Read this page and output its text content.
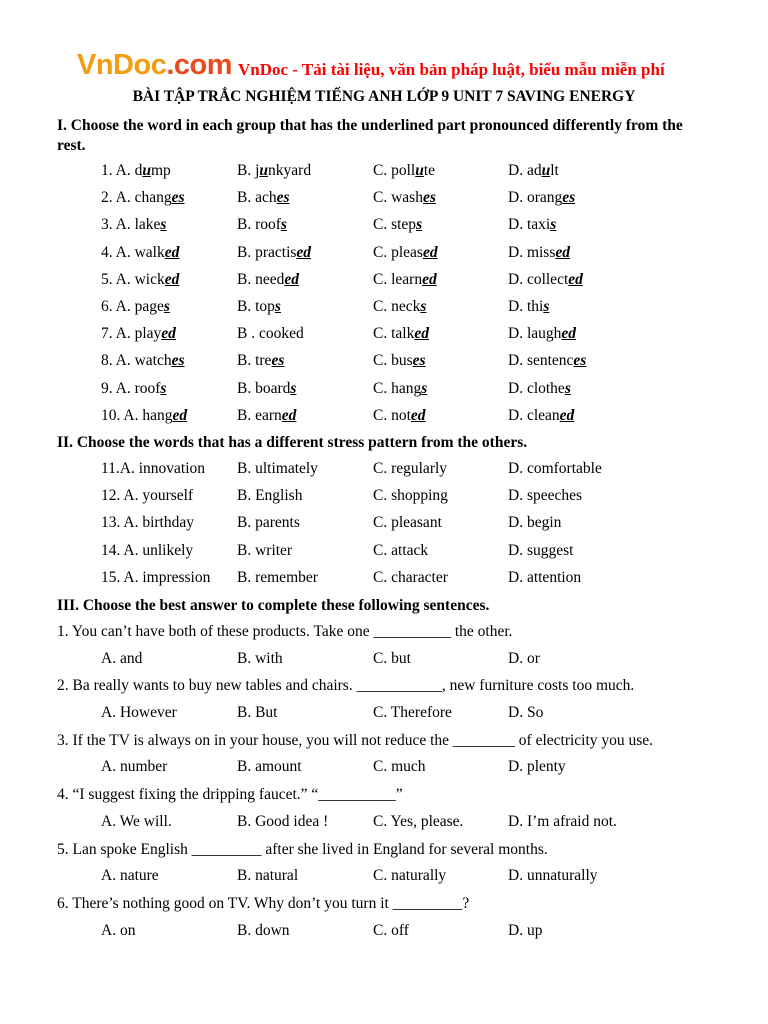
VnDoc.com VnDoc - Tải tài liệu, văn bản pháp luật, biểu mẫu miễn phí
BÀI TẬP TRẮC NGHIỆM TIẾNG ANH LỚP 9 UNIT 7 SAVING ENERGY
I. Choose the word in each group that has the underlined part pronounced differently from the
rest.
1. A. dump	B. junkyard	C. pollute	D. adult
2. A. changes	B. aches	C. washes	D. oranges
3. A. lakes	B. roofs	C. steps	D. taxis
4. A. walked	B. practised	C. pleased	D. missed
5. A. wicked	B. needed	C. learned	D. collected
6. A. pages	B. tops	C. necks	D. this
7. A. played	B . cooked	C. talked	D. laughed
8. A. watches	B. trees	C. buses	D. sentences
9. A. roofs	B. boards	C. hangs	D. clothes
10. A. hanged	B. earned	C. noted	D. cleaned
II. Choose the words that has a different stress pattern from the others.
11.A. innovation B. ultimately	C. regularly	D. comfortable
12. A. yourself	B. English	C. shopping	D. speeches
13. A. birthday	B. parents	C. pleasant	D. begin
14. A. unlikely	B. writer	C. attack	D. suggest
15. A. impression B. remember	C. character	D. attention
III. Choose the best answer to complete these following sentences.
1. You can’t have both of these products. Take one __________ the other.
A. and	B. with	C. but	D. or
2. Ba really wants to buy new tables and chairs. ___________, new furniture costs too much.
A. However	B. But	C. Therefore	D. So
3. If the TV is always on in your house, you will not reduce the ________ of electricity you use.
A. number	B. amount	C. much	D. plenty
4. “I suggest fixing the dripping faucet.” “__________”
A. We will.	B. Good idea !	C. Yes, please.	D. I’m afraid not.
5. Lan spoke English _________ after she lived in England for several months.
A. nature	B. natural	C. naturally	D. unnaturally
6. There’s nothing good on TV. Why don’t you turn it _________?
A. on	B. down	C. off	D. up
